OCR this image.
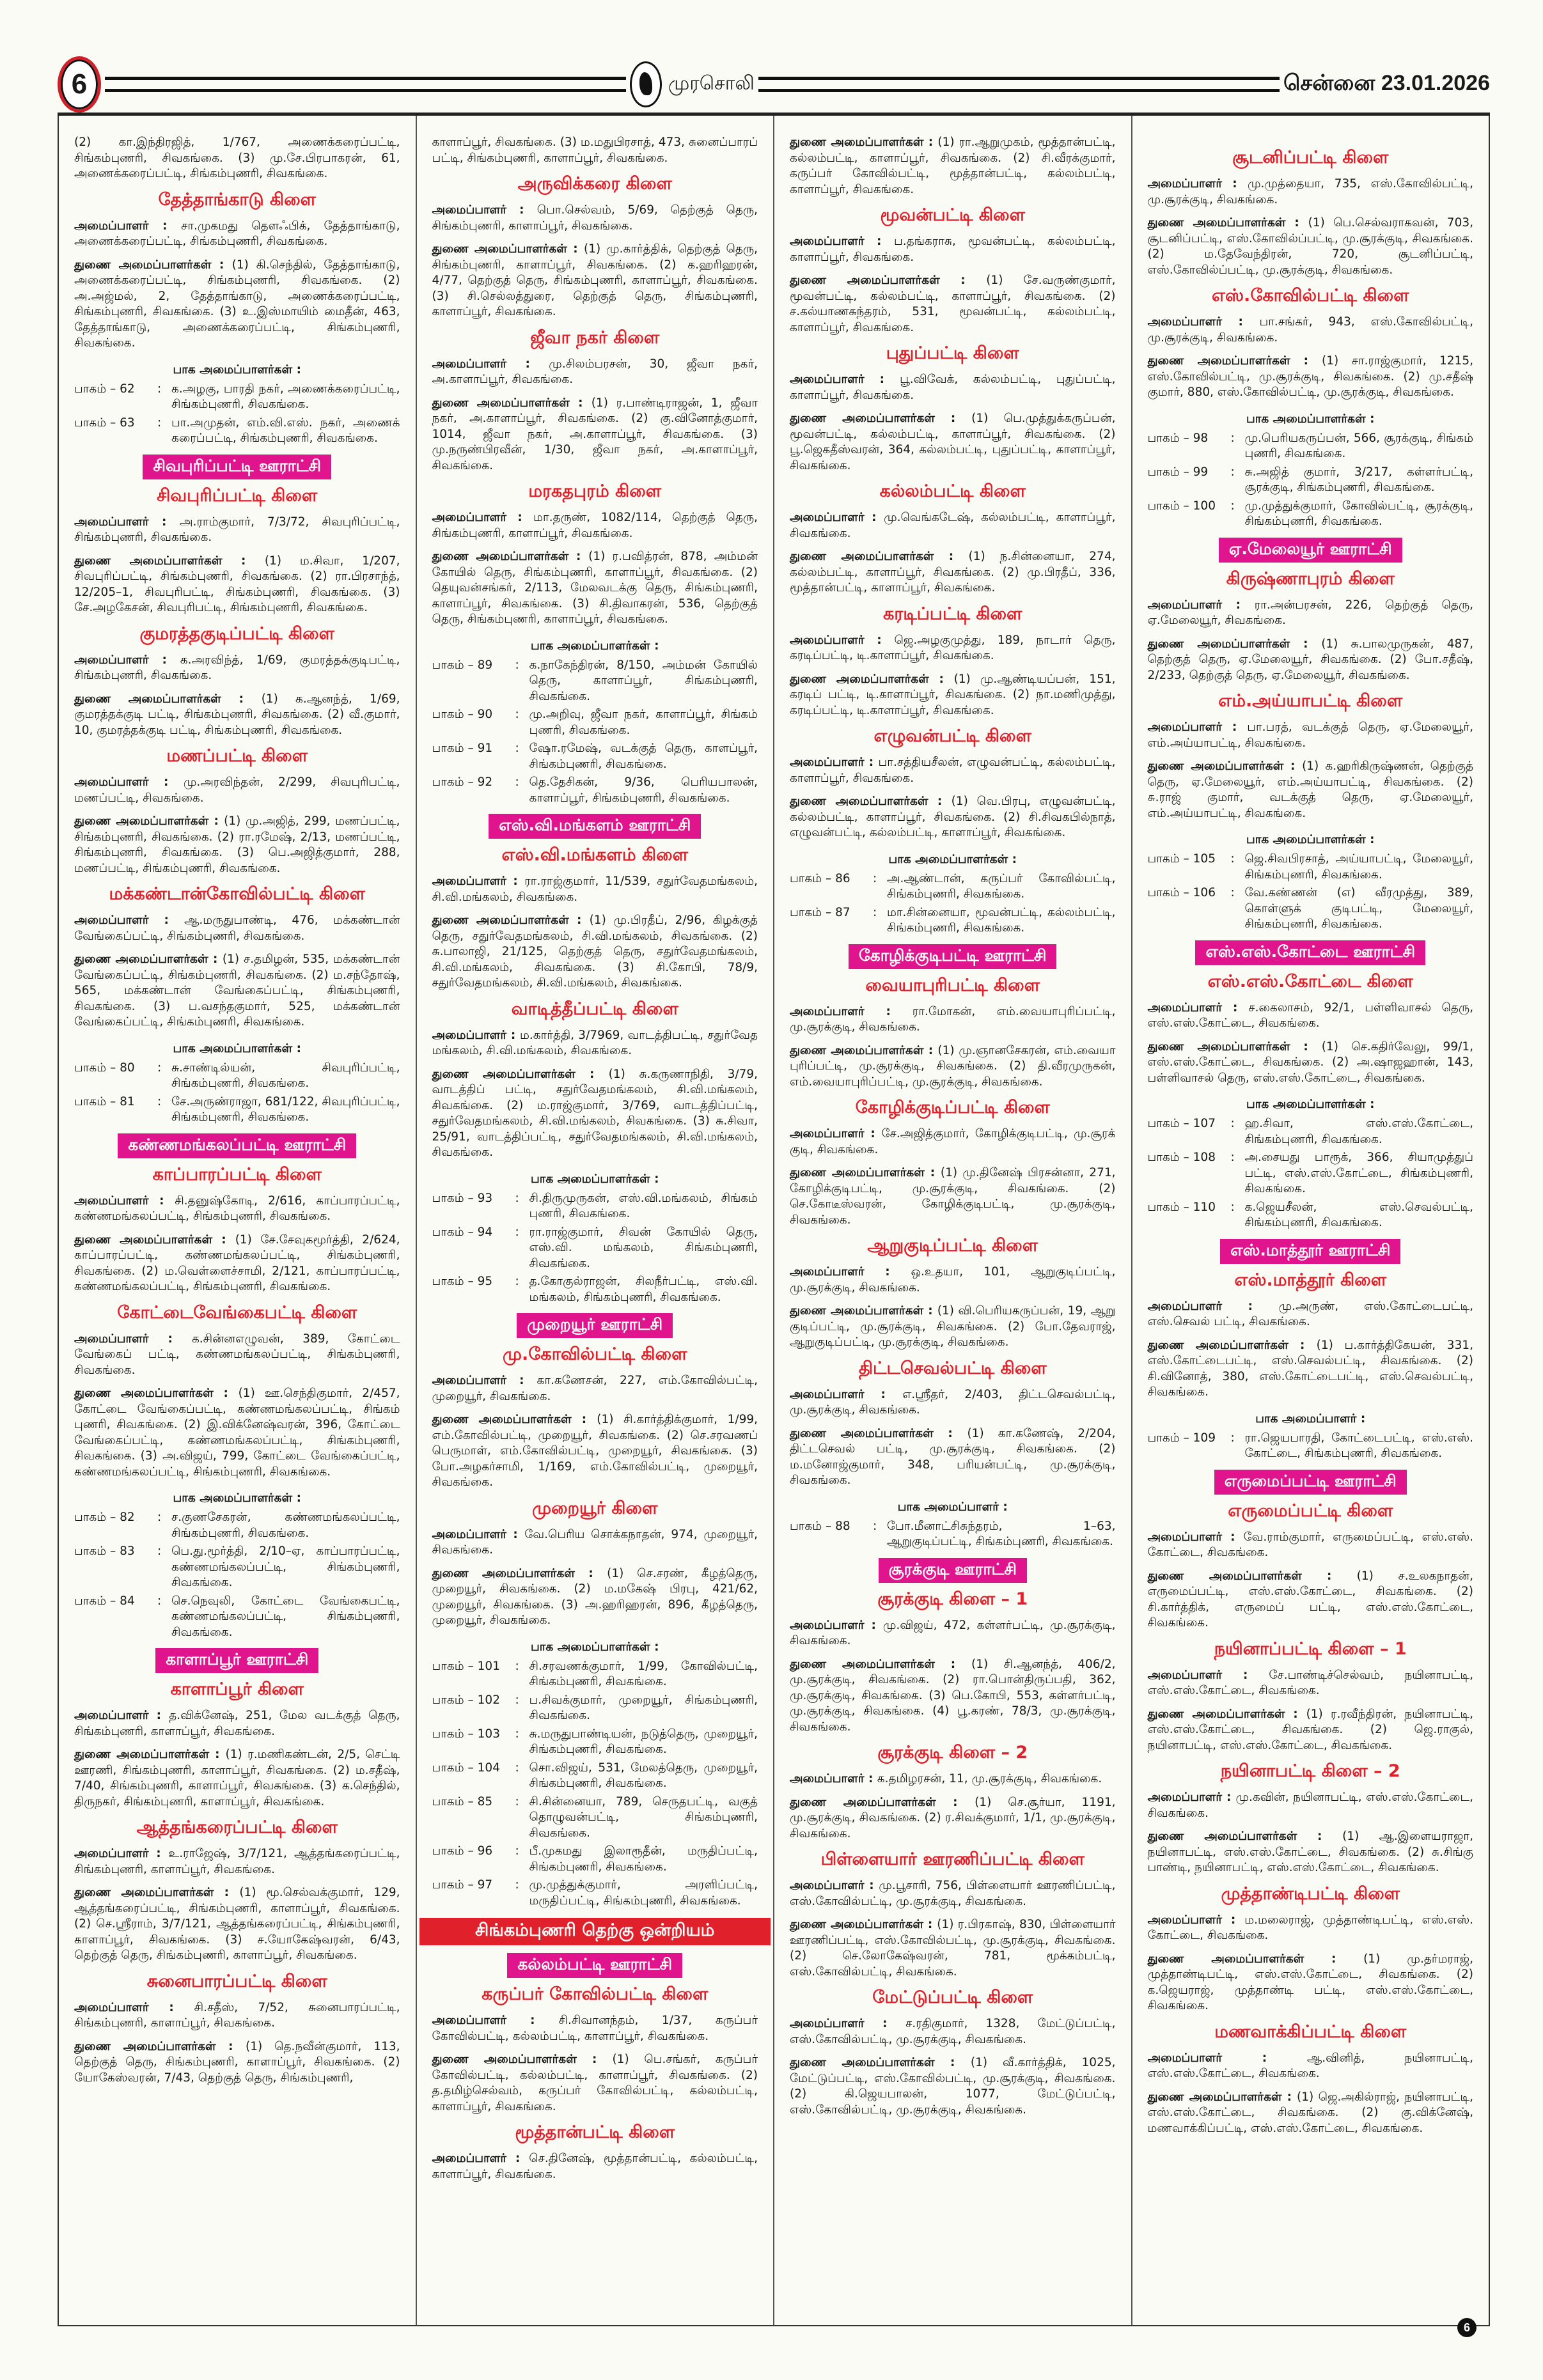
6	முரசொலி	சென்னை 23.01.2026
(2) கா.இந்திரஜித், 1/767, அணைக்கரைப்பட்டி, சிங்கம்புணரி, சிவகங்கை. (3) மு.சே.பிரபாகரன், 61, அணைக்கரைப்பட்டி, சிங்கம்புணரி, சிவகங்கை.
தேத்தாங்காடு கிளை
அமைப்பாளர் : சா.முகமது தௌஃபிக், தேத்தாங்காடு, அணைக்கரைப்பட்டி, சிங்கம்புணரி, சிவகங்கை.
துணை அமைப்பாளர்கள் : (1) கி.செந்தில், தேத்தாங்காடு, அணைக்கரைப்பட்டி, சிங்கம்புணரி, சிவகங்கை. (2) அ.அஜ்மல், 2, தேத்தாங்காடு, அணைக்கரைப்பட்டி, சிங்கம்புணரி, சிவகங்கை. (3) உ.இஸ்மாயிம் மைதீன், 463, தேத்தாங்காடு, அணைக்கரைப்பட்டி, சிங்கம்புணரி, சிவகங்கை.
பாக அமைப்பாளர்கள் :
பாகம் – 62	: க.அழகு, பாரதி நகர், அணைக்கரைப்பட்டி, சிங்கம்புணரி, சிவகங்கை.
பாகம் – 63	: பா.அமுதன், எம்.வி.எஸ். நகர், அணைக் கரைப்பட்டி, சிங்கம்புணரி, சிவகங்கை.
சிவபுரிப்பட்டி ஊராட்சி
சிவபுரிப்பட்டி கிளை
அமைப்பாளர் : அ.ராம்குமார், 7/3/72, சிவபுரிப்பட்டி, சிங்கம்புணரி, சிவகங்கை.
துணை அமைப்பாளர்கள் : (1) ம.சிவா, 1/207, சிவபுரிப்பட்டி, சிங்கம்புணரி, சிவகங்கை. (2) ரா.பிரசாந்த், 12/205–1, சிவபுரிபட்டி, சிங்கம்புணரி, சிவகங்கை. (3) சே.அழகேசன், சிவபுரிபட்டி, சிங்கம்புணரி, சிவகங்கை.
குமரத்தகுடிப்பட்டி கிளை
அமைப்பாளர் : க.அரவிந்த், 1/69, குமரத்தக்குடிபட்டி, சிங்கம்புணரி, சிவகங்கை.
துணை அமைப்பாளர்கள் : (1) க.ஆனந்த், 1/69, குமரத்தக்குடி பட்டி, சிங்கம்புணரி, சிவகங்கை. (2) வீ.குமார், 10, குமரத்தக்குடி பட்டி, சிங்கம்புணரி, சிவகங்கை.
மணப்பட்டி கிளை
அமைப்பாளர் : மு.அரவிந்தன், 2/299, சிவபுரிபட்டி, மணப்பட்டி, சிவகங்கை.
துணை அமைப்பாளர்கள் : (1) மு.அஜித், 299, மணப்பட்டி, சிங்கம்புணரி, சிவகங்கை. (2) ரா.ரமேஷ், 2/13, மணப்பட்டி, சிங்கம்புணரி, சிவகங்கை. (3) பெ.அஜித்குமார், 288, மணப்பட்டி, சிங்கம்புணரி, சிவகங்கை.
மக்கண்டான்கோவில்பட்டி கிளை
அமைப்பாளர் : ஆ.மருதுபாண்டி, 476, மக்கண்டான் வேங்கைப்பட்டி, சிங்கம்புணரி, சிவகங்கை.
துணை அமைப்பாளர்கள் : (1) ச.தமிழன், 535, மக்கண்டான் வேங்கைப்பட்டி, சிங்கம்புணரி, சிவகங்கை. (2) ம.சந்தோஷ், 565, மக்கண்டான் வேங்கைப்பட்டி, சிங்கம்புணரி, சிவகங்கை. (3) ப.வசந்தகுமார், 525, மக்கண்டான் வேங்கைப்பட்டி, சிங்கம்புணரி, சிவகங்கை.
பாக அமைப்பாளர்கள் :
பாகம் – 80	: சு.சாண்டில்யன், சிவபுரிப்பட்டி, சிங்கம்புணரி, சிவகங்கை.
பாகம் – 81	: சே.அருண்ராஜா, 681/122, சிவபுரிப்பட்டி, சிங்கம்புணரி, சிவகங்கை.
கண்ணமங்கலப்பட்டி ஊராட்சி
காப்பாரப்பட்டி கிளை
அமைப்பாளர் : சி.தனுஷ்கோடி, 2/616, காப்பாரப்பட்டி, கண்ணமங்கலப்பட்டி, சிங்கம்புணரி, சிவகங்கை.
துணை அமைப்பாளர்கள் : (1) சே.சேவுகமூர்த்தி, 2/624, காப்பாரப்பட்டி, கண்ணமங்கலப்பட்டி, சிங்கம்புணரி, சிவகங்கை. (2) ம.வெள்ளைச்சாமி, 2/121, காப்பாரப்பட்டி, கண்ணமங்கலப்பட்டி, சிங்கம்புணரி, சிவகங்கை.
கோட்டைவேங்கைபட்டி கிளை
அமைப்பாளர் : க.சின்னஎழுவன், 389, கோட்டை வேங்கைப் பட்டி, கண்ணமங்கலப்பட்டி, சிங்கம்புணரி, சிவகங்கை.
துணை அமைப்பாளர்கள் : (1) ஊ.செந்திகுமார், 2/457, கோட்டை வேங்கைப்பட்டி, கண்ணமங்கலப்பட்டி, சிங்கம் புணரி, சிவகங்கை. (2) இ.விக்னேஷ்வரன், 396, கோட்டை வேங்கைப்பட்டி, கண்ணமங்கலப்பட்டி, சிங்கம்புணரி, சிவகங்கை. (3) அ.விஜய், 799, கோட்டை வேங்கைப்பட்டி, கண்ணமங்கலப்பட்டி, சிங்கம்புணரி, சிவகங்கை.
பாக அமைப்பாளர்கள் :
பாகம் – 82	: ச.குணசேகரன், கண்ணமங்கலப்பட்டி, சிங்கம்புணரி, சிவகங்கை.
பாகம் – 83	: பெ.து.மூர்த்தி, 2/10–ஏ, காப்பாரப்பட்டி, கண்ணமங்கலப்பட்டி, சிங்கம்புணரி, சிவகங்கை.
பாகம் – 84	: செ.நெவுலி, கோட்டை வேங்கைபட்டி, கண்ணமங்கலப்பட்டி, சிங்கம்புணரி, சிவகங்கை.
காளாப்பூர் ஊராட்சி
காளாப்பூர் கிளை
அமைப்பாளர் : த.விக்னேஷ், 251, மேல வடக்குத் தெரு, சிங்கம்புணரி, காளாப்பூர், சிவகங்கை.
துணை அமைப்பாளர்கள் : (1) ர.மணிகண்டன், 2/5, செட்டி ஊரணி, சிங்கம்புணரி, காளாப்பூர், சிவகங்கை. (2) ம.சதீஷ், 7/40, சிங்கம்புணரி, காளாப்பூர், சிவகங்கை. (3) க.செந்தில், திருநகர், சிங்கம்புணரி, காளாப்பூர், சிவகங்கை.
ஆத்தங்கரைப்பட்டி கிளை
அமைப்பாளர் : உ.ராஜேஷ், 3/7/121, ஆத்தங்கரைப்பட்டி, சிங்கம்புணரி, காளாப்பூர், சிவகங்கை.
துணை அமைப்பாளர்கள் : (1) மூ.செல்வக்குமார், 129, ஆத்தங்கரைப்பட்டி, சிங்கம்புணரி, காளாப்பூர், சிவகங்கை. (2) செ.ஸ்ரீராம், 3/7/121, ஆத்தங்கரைப்பட்டி, சிங்கம்புணரி, காளாப்பூர், சிவகங்கை. (3) ச.யோகேஷ்வரன், 6/43, தெற்குத் தெரு, சிங்கம்புணரி, காளாப்பூர், சிவகங்கை.
சுனைபாரப்பட்டி கிளை
அமைப்பாளர் : சி.சதீஸ், 7/52, சுனைபாரப்பட்டி, சிங்கம்புணரி, காளாப்பூர், சிவகங்கை.
துணை அமைப்பாளர்கள் : (1) தெ.நவீன்குமார், 113, தெற்குத் தெரு, சிங்கம்புணரி, காளாப்பூர், சிவகங்கை. (2) யோகேஸ்வரன், 7/43, தெற்குத் தெரு, சிங்கம்புணரி,
காளாப்பூர், சிவகங்கை. (3) ம.மதுபிரசாத், 473, சுனைப்பாரப் பட்டி, சிங்கம்புணரி, காளாப்பூர், சிவகங்கை.
அருவிக்கரை கிளை
அமைப்பாளர் : பொ.செல்வம், 5/69, தெற்குத் தெரு, சிங்கம்புணரி, காளாப்பூர், சிவகங்கை.
துணை அமைப்பாளர்கள் : (1) மு.கார்த்திக், தெற்குத் தெரு, சிங்கம்புணரி, காளாப்பூர், சிவகங்கை. (2) க.ஹரிஹரன், 4/77, தெற்குத் தெரு, சிங்கம்புணரி, காளாப்பூர், சிவகங்கை. (3) சி.செல்லத்துரை, தெற்குத் தெரு, சிங்கம்புணரி, காளாப்பூர், சிவகங்கை.
ஜீவா நகர் கிளை
அமைப்பாளர் : மு.சிலம்பரசன், 30, ஜீவா நகர், அ.காளாப்பூர், சிவகங்கை.
துணை அமைப்பாளர்கள் : (1) ர.பாண்டிராஜன், 1, ஜீவா நகர், அ.காளாப்பூர், சிவகங்கை. (2) கு.வினோத்குமார், 1014, ஜீவா நகர், அ.காளாப்பூர், சிவகங்கை. (3) மு.நருண்பிரவீன், 1/30, ஜீவா நகர், அ.காளாப்பூர், சிவகங்கை.
மரகதபுரம் கிளை
அமைப்பாளர் : மா.தருண், 1082/114, தெற்குத் தெரு, சிங்கம்புணரி, காளாப்பூர், சிவகங்கை.
துணை அமைப்பாளர்கள் : (1) ர.பவித்ரன், 878, அம்மன் கோயில் தெரு, சிங்கம்புணரி, காளாப்பூர், சிவகங்கை. (2) தெயுவன்சங்கர், 2/113, மேலவடக்கு தெரு, சிங்கம்புணரி, காளாப்பூர், சிவகங்கை. (3) சி.திவாகரன், 536, தெற்குத் தெரு, சிங்கம்புணரி, காளாப்பூர், சிவகங்கை.
பாக அமைப்பாளர்கள் :
பாகம் – 89	: க.நாகேந்திரன், 8/150, அம்மன் கோயில் தெரு, காளாப்பூர், சிங்கம்புணரி, சிவகங்கை.
பாகம் – 90	: மு.அறிவு, ஜீவா நகர், காளாப்பூர், சிங்கம் புணரி, சிவகங்கை.
பாகம் – 91	: ஷோ.ரமேஷ், வடக்குத் தெரு, காளப்பூர், சிங்கம்புணரி, சிவகங்கை.
பாகம் – 92	: தெ.தேசிகன், 9/36, பெரியபாலன், காளாப்பூர், சிங்கம்புணரி, சிவகங்கை.
எஸ்.வி.மங்களம் ஊராட்சி
எஸ்.வி.மங்களம் கிளை
அமைப்பாளர் : ரா.ராஜ்குமார், 11/539, சதுர்வேதமங்கலம், சி.வி.மங்கலம், சிவகங்கை.
துணை அமைப்பாளர்கள் : (1) மு.பிரதீப், 2/96, கிழக்குத் தெரு, சதுர்வேதமங்கலம், சி.வி.மங்கலம், சிவகங்கை. (2) சு.பாலாஜி, 21/125, தெற்குத் தெரு, சதுர்வேதமங்கலம், சி.வி.மங்கலம், சிவகங்கை. (3) சி.கோபி, 78/9, சதுர்வேதமங்கலம், சி.வி.மங்கலம், சிவகங்கை.
வாடித்தீப்பட்டி கிளை
அமைப்பாளர் : ம.கார்த்தி, 3/7969, வாடத்திபட்டி, சதுர்வேத மங்கலம், சி.வி.மங்கலம், சிவகங்கை.
துணை அமைப்பாளர்கள் : (1) சு.கருணாநிதி, 3/79, வாடத்திப் பட்டி, சதுர்வேதமங்கலம், சி.வி.மங்கலம், சிவகங்கை. (2) ம.ராஜ்குமார், 3/769, வாடத்திப்பட்டி, சதுர்வேதமங்கலம், சி.வி.மங்கலம், சிவகங்கை. (3) சு.சிவா, 25/91, வாடத்திப்பட்டி, சதுர்வேதமங்கலம், சி.வி.மங்கலம், சிவகங்கை.
பாக அமைப்பாளர்கள் :
பாகம் – 93	: சி.திருமுருகன், எஸ்.வி.மங்கலம், சிங்கம் புணரி, சிவகங்கை.
பாகம் – 94	: ரா.ராஜ்குமார், சிவன் கோயில் தெரு, எஸ்.வி. மங்கலம், சிங்கம்புணரி, சிவகங்கை.
பாகம் – 95	: த.கோகுல்ராஜன், சிலநீர்பட்டி, எஸ்.வி. மங்கலம், சிங்கம்புணரி, சிவகங்கை.
முறையூர் ஊராட்சி
மு.கோவில்பட்டி கிளை
அமைப்பாளர் : கா.கணேசன், 227, எம்.கோவில்பட்டி, முறையூர், சிவகங்கை.
துணை அமைப்பாளர்கள் : (1) சி.கார்த்திக்குமார், 1/99, எம்.கோவில்பட்டி, முறையூர், சிவகங்கை. (2) செ.சரவணப் பெருமாள், எம்.கோவில்பட்டி, முறையூர், சிவகங்கை. (3) போ.அழகர்சாமி, 1/169, எம்.கோவில்பட்டி, முறையூர், சிவகங்கை.
முறையூர் கிளை
அமைப்பாளர் : வே.பெரிய சொக்கநாதன், 974, முறையூர், சிவகங்கை.
துணை அமைப்பாளர்கள் : (1) செ.சரண், கீழத்தெரு, முறையூர், சிவகங்கை. (2) ம.மகேஷ் பிரபு, 421/62, முறையூர், சிவகங்கை. (3) அ.ஹரிஹரன், 896, கீழத்தெரு, முறையூர், சிவகங்கை.
பாக அமைப்பாளர்கள் :
பாகம் – 101	: சி.சரவணக்குமார், 1/99, கோவில்பட்டி, சிங்கம்புணரி, சிவகங்கை.
பாகம் – 102	: ப.சிவக்குமார், முறையூர், சிங்கம்புணரி, சிவகங்கை.
பாகம் – 103	: சு.மருதுபாண்டியன், நடுத்தெரு, முறையூர், சிங்கம்புணரி, சிவகங்கை.
பாகம் – 104	: சொ.விஜய், 531, மேலத்தெரு, முறையூர், சிங்கம்புணரி, சிவகங்கை.
பாகம் – 85	: சி.சின்னையா, 789, செருதபட்டி, வகுத் தொழுவன்பட்டி, சிங்கம்புணரி, சிவகங்கை.
பாகம் – 96	: பீ.முகமது இலாரூதீன், மருதிப்பட்டி, சிங்கம்புணரி, சிவகங்கை.
பாகம் – 97	: மு.முத்துக்குமார், அரளிப்பட்டி, மருதிப்பட்டி, சிங்கம்புணரி, சிவகங்கை.
சிங்கம்புணரி தெற்கு ஒன்றியம்
கல்லம்பட்டி ஊராட்சி
கருப்பர் கோவில்பட்டி கிளை
அமைப்பாளர் : சி.சிவானந்தம், 1/37, கருப்பர் கோவில்பட்டி, கல்லம்பட்டி, காளாப்பூர், சிவகங்கை.
துணை அமைப்பாளர்கள் : (1) பெ.சங்கர், கருப்பர் கோவில்பட்டி, கல்லம்பட்டி, காளாப்பூர், சிவகங்கை. (2) த.தமிழ்செல்வம், கருப்பர் கோவில்பட்டி, கல்லம்பட்டி, காளாப்பூர், சிவகங்கை.
மூத்தான்பட்டி கிளை
அமைப்பாளர் : செ.தினேஷ், மூத்தான்பட்டி, கல்லம்பட்டி, காளாப்பூர், சிவகங்கை.
துணை அமைப்பாளர்கள் : (1) ரா.ஆறுமுகம், மூத்தான்பட்டி, கல்லம்பட்டி, காளாப்பூர், சிவகங்கை. (2) சி.வீரக்குமார், கருப்பர் கோவில்பட்டி, மூத்தான்பட்டி, கல்லம்பட்டி, காளாப்பூர், சிவகங்கை.
மூவன்பட்டி கிளை
அமைப்பாளர் : ப.தங்கராசு, மூவன்பட்டி, கல்லம்பட்டி, காளாப்பூர், சிவகங்கை.
துணை அமைப்பாளர்கள் : (1) சே.வருண்குமார், மூவன்பட்டி, கல்லம்பட்டி, காளாப்பூர், சிவகங்கை. (2) ச.கல்யாணசுந்தரம், 531, மூவன்பட்டி, கல்லம்பட்டி, காளாப்பூர், சிவகங்கை.
புதுப்பட்டி கிளை
அமைப்பாளர் : பூ.விவேக், கல்லம்பட்டி, புதுப்பட்டி, காளாப்பூர், சிவகங்கை.
துணை அமைப்பாளர்கள் : (1) பெ.முத்துக்கருப்பன், மூவன்பட்டி, கல்லம்பட்டி, காளாப்பூர், சிவகங்கை. (2) பூ.ஜெகதீஸ்வரன், 364, கல்லம்பட்டி, புதுப்பட்டி, காளாப்பூர், சிவகங்கை.
கல்லம்பட்டி கிளை
அமைப்பாளர் : மு.வெங்கடேஷ், கல்லம்பட்டி, காளாப்பூர், சிவகங்கை.
துணை அமைப்பாளர்கள் : (1) ந.சின்னையா, 274, கல்லம்பட்டி, காளாப்பூர், சிவகங்கை. (2) மு.பிரதீப், 336, மூத்தான்பட்டி, காளாப்பூர், சிவகங்கை.
கரடிப்பட்டி கிளை
அமைப்பாளர் : ஜெ.அழகுமுத்து, 189, நாடார் தெரு, கரடிப்பட்டி, டி.காளாப்பூர், சிவகங்கை.
துணை அமைப்பாளர்கள் : (1) மு.ஆண்டியப்பன், 151, கரடிப் பட்டி, டி.காளாப்பூர், சிவகங்கை. (2) நா.மணிமுத்து, கரடிப்பட்டி, டி.காளாப்பூர், சிவகங்கை.
எழுவன்பட்டி கிளை
அமைப்பாளர் : பா.சத்தியசீலன், எழுவன்பட்டி, கல்லம்பட்டி, காளாப்பூர், சிவகங்கை.
துணை அமைப்பாளர்கள் : (1) வெ.பிரபு, எழுவன்பட்டி, கல்லம்பட்டி, காளாப்பூர், சிவகங்கை. (2) சி.சிவகபில்நாத், எழுவன்பட்டி, கல்லம்பட்டி, காளாப்பூர், சிவகங்கை.
பாக அமைப்பாளர்கள் :
பாகம் – 86	: அ.ஆண்டான், கருப்பர் கோவில்பட்டி, சிங்கம்புணரி, சிவகங்கை.
பாகம் – 87	: மா.சின்னையா, மூவன்பட்டி, கல்லம்பட்டி, சிங்கம்புணரி, சிவகங்கை.
கோழிக்குடிபட்டி ஊராட்சி
வையாபுரிபட்டி கிளை
அமைப்பாளர் : ரா.மோகன், எம்.வையாபுரிப்பட்டி, மு.சூரக்குடி, சிவகங்கை.
துணை அமைப்பாளர்கள் : (1) மு.ஞானசேகரன், எம்.வையா புரிப்பட்டி, மு.சூரக்குடி, சிவகங்கை. (2) தி.வீரமுருகன், எம்.வையாபுரிப்பட்டி, மு.சூரக்குடி, சிவகங்கை.
கோழிக்குடிப்பட்டி கிளை
அமைப்பாளர் : சே.அஜித்குமார், கோழிக்குடிபட்டி, மு.சூரக் குடி, சிவகங்கை.
துணை அமைப்பாளர்கள் : (1) மு.தினேஷ் பிரசன்னா, 271, கோழிக்குடிபட்டி, மு.சூரக்குடி, சிவகங்கை. (2) செ.கோடீஸ்வரன், கோழிக்குடிபட்டி, மு.சூரக்குடி, சிவகங்கை.
ஆறுகுடிப்பட்டி கிளை
அமைப்பாளர் : ஒ.உதயா, 101, ஆறுகுடிப்பட்டி, மு.சூரக்குடி, சிவகங்கை.
துணை அமைப்பாளர்கள் : (1) வி.பெரியகருப்பன், 19, ஆறு குடிப்பட்டி, மு.சூரக்குடி, சிவகங்கை. (2) போ.தேவராஜ், ஆறுகுடிப்பட்டி, மு.சூரக்குடி, சிவகங்கை.
திட்டசெவல்பட்டி கிளை
அமைப்பாளர் : எ.ஸ்ரீதர், 2/403, திட்டசெவல்பட்டி, மு.சூரக்குடி, சிவகங்கை.
துணை அமைப்பாளர்கள் : (1) கா.கணேஷ், 2/204, திட்டசெவல் பட்டி, மு.சூரக்குடி, சிவகங்கை. (2) ம.மனோஜ்குமார், 348, பரியன்பட்டி, மு.சூரக்குடி, சிவகங்கை.
பாக அமைப்பாளர் :
பாகம் – 88	: போ.மீனாட்சிசுந்தரம், 1–63, ஆறுகுடிப்பட்டி, சிங்கம்புணரி, சிவகங்கை.
சூரக்குடி ஊராட்சி
சூரக்குடி கிளை – 1
அமைப்பாளர் : மு.விஜய், 472, கள்ளர்பட்டி, மு.சூரக்குடி, சிவகங்கை.
துணை அமைப்பாளர்கள் : (1) சி.ஆனந்த், 406/2, மு.சூரக்குடி, சிவகங்கை. (2) ரா.பொன்திருப்பதி, 362, மு.சூரக்குடி, சிவகங்கை. (3) பெ.கோபி, 553, கள்ளர்பட்டி, மு.சூரக்குடி, சிவகங்கை. (4) பூ.கரண், 78/3, மு.சூரக்குடி, சிவகங்கை.
சூரக்குடி கிளை – 2
அமைப்பாளர் : க.தமிழரசன், 11, மு.சூரக்குடி, சிவகங்கை.
துணை அமைப்பாளர்கள் : (1) செ.சூர்யா, 1191, மு.சூரக்குடி, சிவகங்கை. (2) ர.சிவக்குமார், 1/1, மு.சூரக்குடி, சிவகங்கை.
பிள்ளையார் ஊரணிப்பட்டி கிளை
அமைப்பாளர் : மு.பூசாரி, 756, பிள்ளையார் ஊரணிப்பட்டி, எஸ்.கோவில்பட்டி, மு.சூரக்குடி, சிவகங்கை.
துணை அமைப்பாளர்கள் : (1) ர.பிரகாஷ், 830, பிள்ளையார் ஊரணிப்பட்டி, எஸ்.கோவில்பட்டி, மு.சூரக்குடி, சிவகங்கை. (2) செ.லோகேஷ்வரன், 781, மூக்கம்பட்டி, எஸ்.கோவில்பட்டி, சிவகங்கை.
மேட்டுப்பட்டி கிளை
அமைப்பாளர் : ச.ரதிகுமார், 1328, மேட்டுப்பட்டி, எஸ்.கோவில்பட்டி, மு.சூரக்குடி, சிவகங்கை.
துணை அமைப்பாளர்கள் : (1) வீ.கார்த்திக், 1025, மேட்டுப்பட்டி, எஸ்.கோவில்பட்டி, மு.சூரக்குடி, சிவகங்கை. (2) கி.ஜெயபாலன், 1077, மேட்டுப்பட்டி, எஸ்.கோவில்பட்டி, மு.சூரக்குடி, சிவகங்கை.
சூடனிப்பட்டி கிளை
அமைப்பாளர் : மு.முத்தையா, 735, எஸ்.கோவில்பட்டி, மு.சூரக்குடி, சிவகங்கை.
துணை அமைப்பாளர்கள் : (1) பெ.செல்வராகவன், 703, சூடனிப்பட்டி, எஸ்.கோவில்ப்பட்டி, மு.சூரக்குடி, சிவகங்கை. (2) ம.தேவேந்திரன், 720, சூடனிப்பட்டி, எஸ்.கோவில்ப்பட்டி, மு.சூரக்குடி, சிவகங்கை.
எஸ்.கோவில்பட்டி கிளை
அமைப்பாளர் : பா.சங்கர், 943, எஸ்.கோவில்பட்டி, மு.சூரக்குடி, சிவகங்கை.
துணை அமைப்பாளர்கள் : (1) சா.ராஜ்குமார், 1215, எஸ்.கோவில்பட்டி, மு.சூரக்குடி, சிவகங்கை. (2) மு.சதீஷ் குமார், 880, எஸ்.கோவில்பட்டி, மு.சூரக்குடி, சிவகங்கை.
பாக அமைப்பாளர்கள் :
பாகம் – 98	: மு.பெரியகருப்பன், 566, சூரக்குடி, சிங்கம் புணரி, சிவகங்கை.
பாகம் – 99	: சு.அஜித் குமார், 3/217, கள்ளர்பட்டி, சூரக்குடி, சிங்கம்புணரி, சிவகங்கை.
பாகம் – 100	: மு.முத்துக்குமார், கோவில்பட்டி, சூரக்குடி, சிங்கம்புணரி, சிவகங்கை.
ஏ.மேலையூர் ஊராட்சி
கிருஷ்ணாபுரம் கிளை
அமைப்பாளர் : ரா.அன்பரசன், 226, தெற்குத் தெரு, ஏ.மேலையூர், சிவகங்கை.
துணை அமைப்பாளர்கள் : (1) சு.பாலமுருகன், 487, தெற்குத் தெரு, ஏ.மேலையூர், சிவகங்கை. (2) போ.சதீஷ், 2/233, தெற்குத் தெரு, ஏ.மேலையூர், சிவகங்கை.
எம்.அய்யாபட்டி கிளை
அமைப்பாளர் : பா.பரத், வடக்குத் தெரு, ஏ.மேலையூர், எம்.அய்யாபட்டி, சிவகங்கை.
துணை அமைப்பாளர்கள் : (1) க.ஹரிகிருஷ்ணன், தெற்குத் தெரு, ஏ.மேலையூர், எம்.அய்யாபட்டி, சிவகங்கை. (2) சு.ராஜ் குமார், வடக்குத் தெரு, ஏ.மேலையூர், எம்.அய்யாபட்டி, சிவகங்கை.
பாக அமைப்பாளர்கள் :
பாகம் – 105	: ஜெ.சிவபிரசாத், அய்யாபட்டி, மேலையூர், சிங்கம்புணரி, சிவகங்கை.
பாகம் – 106	: வே.கண்ணன் (எ) வீரமுத்து, 389, கொள்ளுக் குடிபட்டி, மேலையூர், சிங்கம்புணரி, சிவகங்கை.
எஸ்.எஸ்.கோட்டை ஊராட்சி
எஸ்.எஸ்.கோட்டை கிளை
அமைப்பாளர் : ச.கைலாசம், 92/1, பள்ளிவாசல் தெரு, எஸ்.எஸ்.கோட்டை, சிவகங்கை.
துணை அமைப்பாளர்கள் : (1) செ.கதிர்வேலு, 99/1, எஸ்.எஸ்.கோட்டை, சிவகங்கை. (2) அ.ஷாஜஹான், 143, பள்ளிவாசல் தெரு, எஸ்.எஸ்.கோட்டை, சிவகங்கை.
பாக அமைப்பாளர்கள் :
பாகம் – 107	: ஹ.சிவா, எஸ்.எஸ்.கோட்டை, சிங்கம்புணரி, சிவகங்கை.
பாகம் – 108	: அ.சையது பாரூக், 366, சியாமுத்துப் பட்டி, எஸ்.எஸ்.கோட்டை, சிங்கம்புணரி, சிவகங்கை.
பாகம் – 110	: க.ஜெயசீலன், எஸ்.செவல்பட்டி, சிங்கம்புணரி, சிவகங்கை.
எஸ்.மாத்தூர் ஊராட்சி
எஸ்.மாத்தூர் கிளை
அமைப்பாளர் : மு.அருண், எஸ்.கோட்டைபட்டி, எஸ்.செவல் பட்டி, சிவகங்கை.
துணை அமைப்பாளர்கள் : (1) ப.கார்த்திகேயன், 331, எஸ்.கோட்டைபட்டி, எஸ்.செவல்பட்டி, சிவகங்கை. (2) சி.வினோத், 380, எஸ்.கோட்டைபட்டி, எஸ்.செவல்பட்டி, சிவகங்கை.
பாக அமைப்பாளர் :
பாகம் – 109	: ரா.ஜெயபாரதி, கோட்டைபட்டி, எஸ்.எஸ். கோட்டை, சிங்கம்புணரி, சிவகங்கை.
எருமைப்பட்டி ஊராட்சி
எருமைப்பட்டி கிளை
அமைப்பாளர் : வே.ராம்குமார், எருமைப்பட்டி, எஸ்.எஸ். கோட்டை, சிவகங்கை.
துணை அமைப்பாளர்கள் : (1) ச.உலகநாதன், எருமைப்பட்டி, எஸ்.எஸ்.கோட்டை, சிவகங்கை. (2) சி.கார்த்திக், எருமைப் பட்டி, எஸ்.எஸ்.கோட்டை, சிவகங்கை.
நயினாப்பட்டி கிளை – 1
அமைப்பாளர் : சே.பாண்டிச்செல்வம், நயினாபட்டி, எஸ்.எஸ்.கோட்டை, சிவகங்கை.
துணை அமைப்பாளர்கள் : (1) ர.ரவீந்திரன், நயினாபட்டி, எஸ்.எஸ்.கோட்டை, சிவகங்கை. (2) ஜெ.ராகுல், நயினாபட்டி, எஸ்.எஸ்.கோட்டை, சிவகங்கை.
நயினாபட்டி கிளை – 2
அமைப்பாளர் : மு.கவின், நயினாபட்டி, எஸ்.எஸ்.கோட்டை, சிவகங்கை.
துணை அமைப்பாளர்கள் : (1) ஆ.இளையராஜா, நயினாபட்டி, எஸ்.எஸ்.கோட்டை, சிவகங்கை. (2) சு.சிங்கு பாண்டி, நயினாபட்டி, எஸ்.எஸ்.கோட்டை, சிவகங்கை.
முத்தாண்டிபட்டி கிளை
அமைப்பாளர் : ம.மலைராஜ், முத்தாண்டிபட்டி, எஸ்.எஸ். கோட்டை, சிவகங்கை.
துணை அமைப்பாளர்கள் : (1) மு.தர்மராஜ், முத்தாண்டிபட்டி, எஸ்.எஸ்.கோட்டை, சிவகங்கை. (2) க.ஜெயராஜ், முத்தாண்டி பட்டி, எஸ்.எஸ்.கோட்டை, சிவகங்கை.
மணவாக்கிப்பட்டி கிளை
அமைப்பாளர் : ஆ.வினித், நயினாபட்டி, எஸ்.எஸ்.கோட்டை, சிவகங்கை.
துணை அமைப்பாளர்கள் : (1) ஜெ.அகில்ராஜ், நயினாபட்டி, எஸ்.எஸ்.கோட்டை, சிவகங்கை. (2) கு.விக்னேஷ், மணவாக்கிப்பட்டி, எஸ்.எஸ்.கோட்டை, சிவகங்கை.
6
